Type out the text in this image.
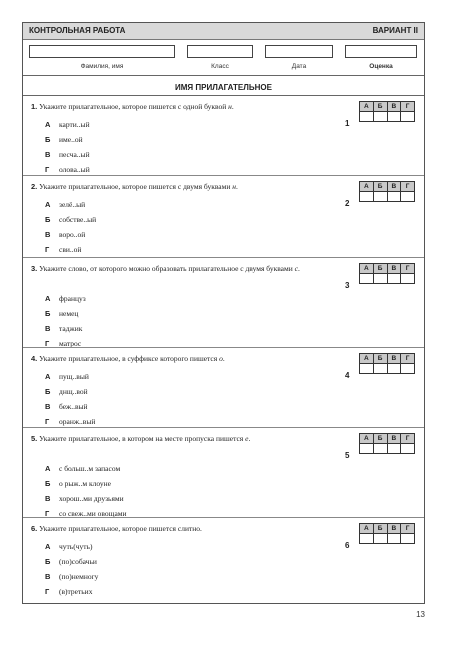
КОНТРОЛЬНАЯ РАБОТА	ВАРИАНТ II
Фамилия, имя	Класс	Дата	Оценка
ИМЯ ПРИЛАГАТЕЛЬНОЕ
1. Укажите прилагательное, которое пишется с одной буквой н.
А карти..ый
Б име..ой
В песча..ый
Г олова..ый
1
А	Б	В	Г

2. Укажите прилагательное, которое пишется с двумя буквами н.
А зелё..ый
Б собстве..ый
В воро..ой
Г сви..ой
2
А	Б	В	Г

3. Укажите слово, от которого можно образовать прилагательное с двумя буквами с.
А француз
Б немец
В таджик
Г матрос
3
А	Б	В	Г

4. Укажите прилагательное, в суффиксе которого пишется о.
А пущ..вый
Б днщ..вой
В беж..вый
Г оранж..вый
4
А	Б	В	Г

5. Укажите прилагательное, в котором на месте пропуска пишется е.
А с больш..м запасом
Б о рыж..м клоуне
В хорош..ми друзьями
Г со свеж..ми овощами
5
А	Б	В	Г

6. Укажите прилагательное, которое пишется слитно.
А чуть(чуть)
Б (по)собачьи
В (по)немногу
Г (в)третьих
6
А	Б	В	Г

13
